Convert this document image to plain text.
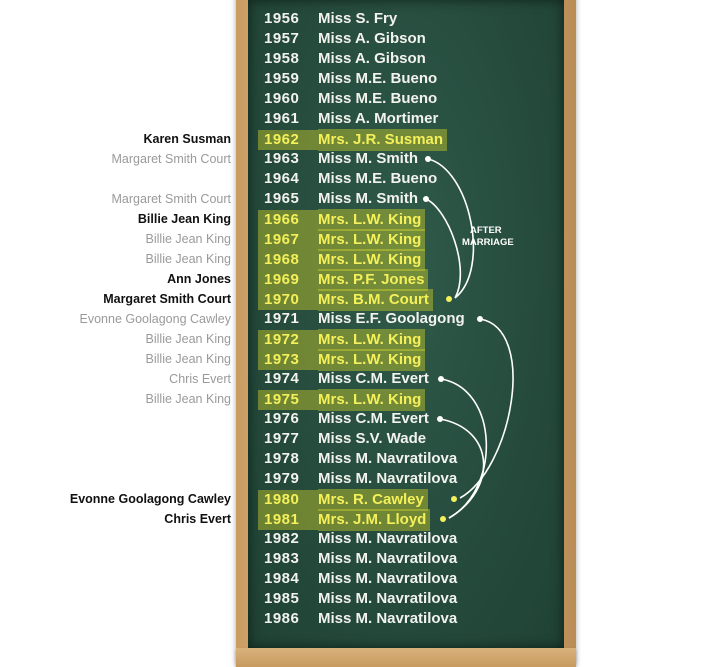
1956 Miss S. Fry
1957 Miss A. Gibson
1958 Miss A. Gibson
1959 Miss M.E. Bueno
1960 Miss M.E. Bueno
1961 Miss A. Mortimer
1962 Mrs. J.R. Susman
1963 Miss M. Smith
1964 Miss M.E. Bueno
1965 Miss M. Smith
1966 Mrs. L.W. King
1967 Mrs. L.W. King
1968 Mrs. L.W. King
1969 Mrs. P.F. Jones
1970 Mrs. B.M. Court
1971 Miss E.F. Goolagong
1972 Mrs. L.W. King
1973 Mrs. L.W. King
1974 Miss C.M. Evert
1975 Mrs. L.W. King
1976 Miss C.M. Evert
1977 Miss S.V. Wade
1978 Miss M. Navratilova
1979 Miss M. Navratilova
1980 Mrs. R. Cawley
1981 Mrs. J.M. Lloyd
1982 Miss M. Navratilova
1983 Miss M. Navratilova
1984 Miss M. Navratilova
1985 Miss M. Navratilova
1986 Miss M. Navratilova
Karen Susman
Margaret Smith Court
Margaret Smith Court
Billie Jean King
Billie Jean King
Billie Jean King
Ann Jones
Margaret Smith Court
Evonne Goolagong Cawley
Billie Jean King
Billie Jean King
Chris Evert
Billie Jean King
Evonne Goolagong Cawley
Chris Evert
AFTER
MARRIAGE
